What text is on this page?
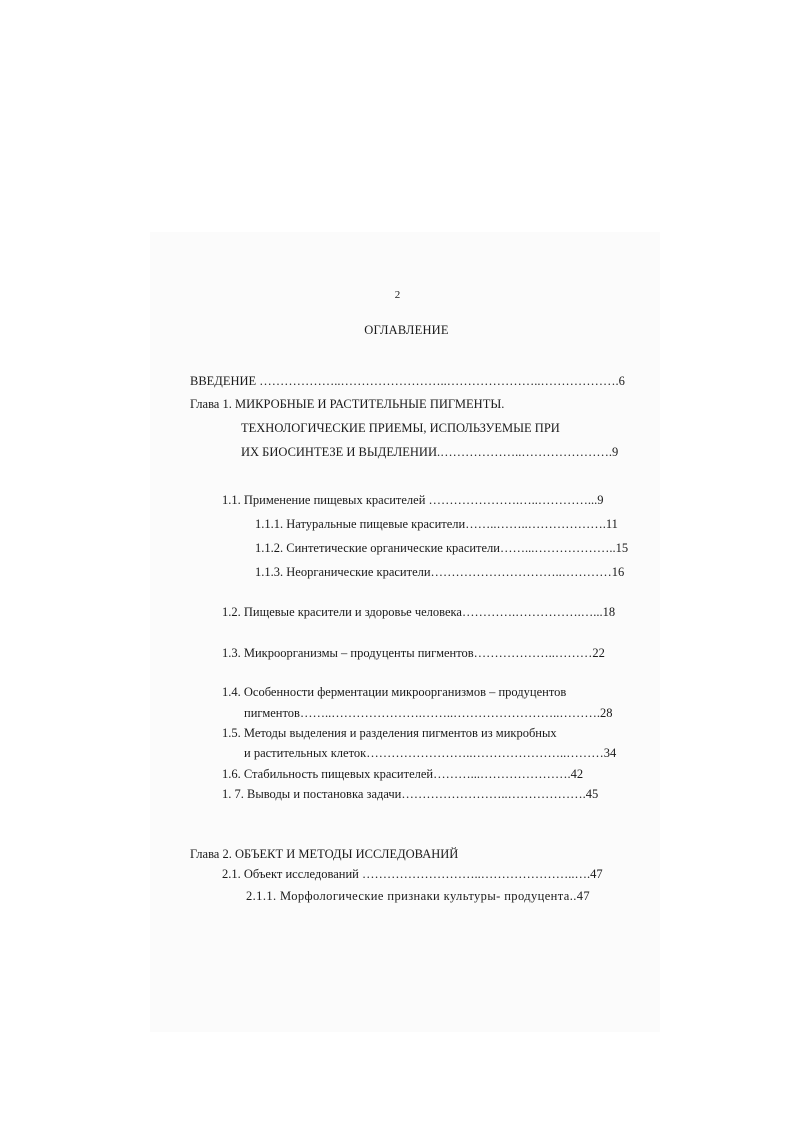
2
ОГЛАВЛЕНИЕ
ВВЕДЕНИЕ ………………..……………………..…………………..……………….6
Глава 1. МИКРОБНЫЕ И РАСТИТЕЛЬНЫЕ ПИГМЕНТЫ.
ТЕХНОЛОГИЧЕСКИЕ ПРИЕМЫ, ИСПОЛЬЗУЕМЫЕ ПРИ
ИХ БИОСИНТЕЗЕ И ВЫДЕЛЕНИИ.………………..………………….9
1.1. Применение пищевых красителей ………………….…..…………...9
1.1.1. Натуральные пищевые красители……..……..……………….11
1.1.2. Синтетические органические красители……...………………..15
1.1.3. Неорганические красители…………………………..…………16
1.2. Пищевые красители и здоровье человека………….…………….…...18
1.3. Микроорганизмы – продуценты пигментов………………..………22
1.4. Особенности ферментации микроорганизмов – продуцентов
пигментов……..………………….……..……………………..……….28
1.5. Методы выделения и разделения пигментов из микробных
и растительных клеток……………………..…………………..………34
1.6. Стабильность пищевых красителей………...………………….42
1. 7. Выводы и постановка задачи……………………..……………….45
Глава 2. ОБЪЕКТ И МЕТОДЫ ИССЛЕДОВАНИЙ
2.1. Объект исследований ………………………..…………………..….47
2.1.1. Морфологические признаки культуры- продуцента..47
